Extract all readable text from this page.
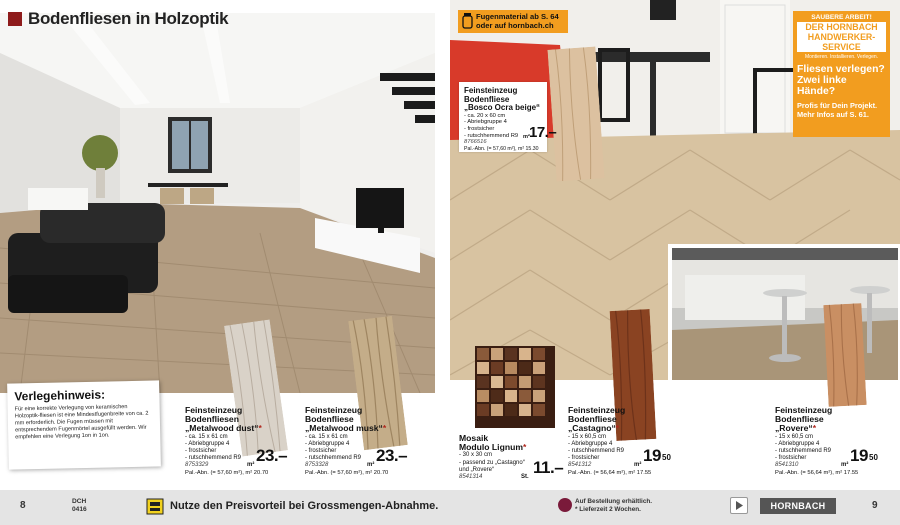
Bodenfliesen in Holzoptik
Verlegehinweis:
Für eine korrekte Verlegung von keramischen Holzoptik-fliesen ist eine Mindestfugenbreite von ca. 2 mm erforderlich. Die Fugen müssen mit entsprechendem Fugenmörtel ausgefüllt werden. Wir empfehlen eine Verlegung 1on in 1on.
Feinsteinzeug
Bodenfliesen
„Metalwood dust“*
- ca. 15 x 61 cm
- Abriebgruppe 4
- frostsicher
- rutschhemmend R9
8753329
Pal.-Abn. (= 57,60 m²), m² 20.70
m² 23.–
Feinsteinzeug
Bodenfliese
„Metalwood musk“*
- ca. 15 x 61 cm
- Abriebgruppe 4
- frostsicher
- rutschhemmend R9
8753328
Pal.-Abn. (= 57,60 m²), m² 20.70
m² 23.–
Fugenmaterial ab S. 64
oder auf hornbach.ch
SAUBERE ARBEIT!
DER HORNBACH
HANDWERKER-
SERVICE
Montieren. Installieren. Verlegen.
Fliesen verlegen? Zwei linke Hände?
Profis für Dein Projekt. Mehr Infos auf S. 61.
Feinsteinzeug Bodenfliese
„Bosco Ocra beige“
- ca. 20 x 60 cm
- Abriebgruppe 4
- frostsicher
- rutschhemmend R9
8766516
Pal.-Abn. (= 57,60 m²), m² 15.30
m² 17.–
Mosaik
Modulo Lignum*
- 30 x 30 cm
- passend zu „Castagno“
und „Rovere“
8541314	St. 11.–
Feinsteinzeug
Bodenfliese
„Castagno“*
- 15 x 60,5 cm
- Abriebgruppe 4
- rutschhemmend R9
- frostsicher
8541312
Pal.-Abn. (= 56,64 m²), m² 17.55
m² 19 50
Feinsteinzeug
Bodenfliese
„Rovere“*
- 15 x 60,5 cm
- Abriebgruppe 4
- rutschhemmend R9
- frostsicher
8541310
Pal.-Abn. (= 56,64 m²), m² 17.55
m² 19 50
8	DCH
0416	Nutze den Preisvorteil bei Grossmengen-Abnahme.	Auf Bestellung erhältlich.
* Lieferzeit 2 Wochen.	HORNBACH	9
